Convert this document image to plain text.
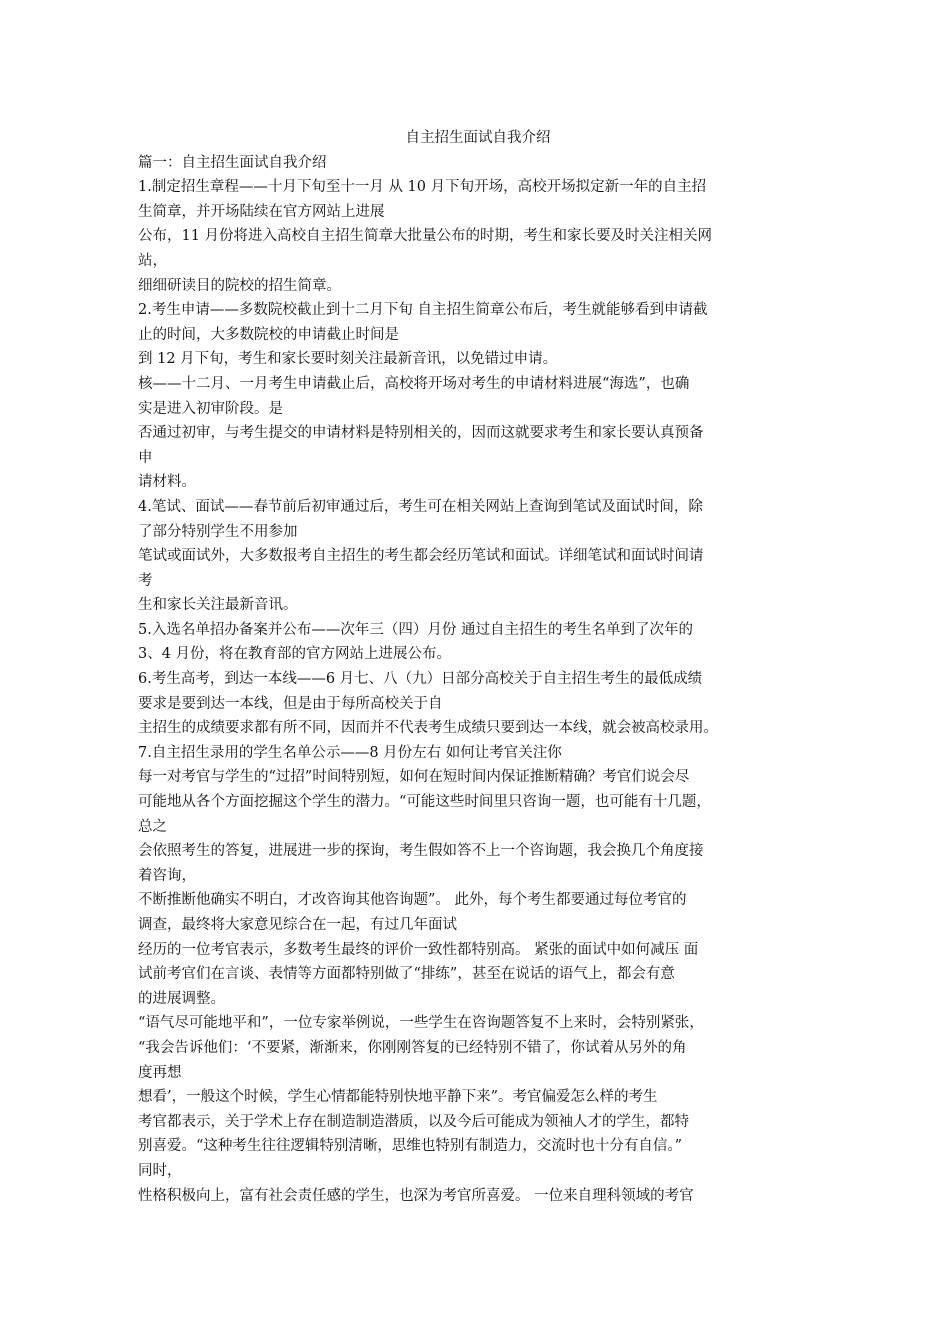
自主招生面试自我介绍

篇一：自主招生面试自我介绍

1.制定招生章程——十月下旬至十一月 从 10 月下旬开场，高校开场拟定新一年的自主招

生简章，并开场陆续在官方网站上进展

公布，11 月份将进入高校自主招生简章大批量公布的时期，考生和家长要及时关注相关网

站，

细细研读目的院校的招生简章。

2.考生申请——多数院校截止到十二月下旬 自主招生简章公布后，考生就能够看到申请截

止的时间，大多数院校的申请截止时间是

到 12 月下旬，考生和家长要时刻关注最新音讯，以免错过申请。

核——十二月、一月考生申请截止后，高校将开场对考生的申请材料进展“海选”，也确

实是进入初审阶段。是

否通过初审，与考生提交的申请材料是特别相关的，因而这就要求考生和家长要认真预备

申

请材料。

4.笔试、面试——春节前后初审通过后，考生可在相关网站上查询到笔试及面试时间，除

了部分特别学生不用参加

笔试或面试外，大多数报考自主招生的考生都会经历笔试和面试。详细笔试和面试时间请

考

生和家长关注最新音讯。

5.入选名单招办备案并公布——次年三（四）月份 通过自主招生的考生名单到了次年的

3、4 月份，将在教育部的官方网站上进展公布。

6.考生高考，到达一本线——6 月七、八（九）日部分高校关于自主招生考生的最低成绩

要求是要到达一本线，但是由于每所高校关于自

主招生的成绩要求都有所不同，因而并不代表考生成绩只要到达一本线，就会被高校录用。

7.自主招生录用的学生名单公示——8 月份左右 如何让考官关注你

每一对考官与学生的“过招”时间特别短，如何在短时间内保证推断精确？考官们说会尽

可能地从各个方面挖掘这个学生的潜力。“可能这些时间里只咨询一题，也可能有十几题，

总之

会依照考生的答复，进展进一步的探询，考生假如答不上一个咨询题，我会换几个角度接

着咨询，

不断推断他确实不明白，才改咨询其他咨询题”。 此外，每个考生都要通过每位考官的

调查，最终将大家意见综合在一起，有过几年面试

经历的一位考官表示，多数考生最终的评价一致性都特别高。 紧张的面试中如何减压 面

试前考官们在言谈、表情等方面都特别做了“排练”，甚至在说话的语气上，都会有意

的进展调整。

“语气尽可能地平和”，一位专家举例说，一些学生在咨询题答复不上来时，会特别紧张，

“我会告诉他们：‘不要紧，渐渐来，你刚刚答复的已经特别不错了，你试着从另外的角

度再想

想看’，一般这个时候，学生心情都能特别快地平静下来”。考官偏爱怎么样的考生

考官都表示，关于学术上存在制造制造潜质，以及今后可能成为领袖人才的学生，都特

别喜爱。“这种考生往往逻辑特别清晰，思维也特别有制造力，交流时也十分有自信。”

同时，

性格积极向上，富有社会责任感的学生，也深为考官所喜爱。 一位来自理科领域的考官
